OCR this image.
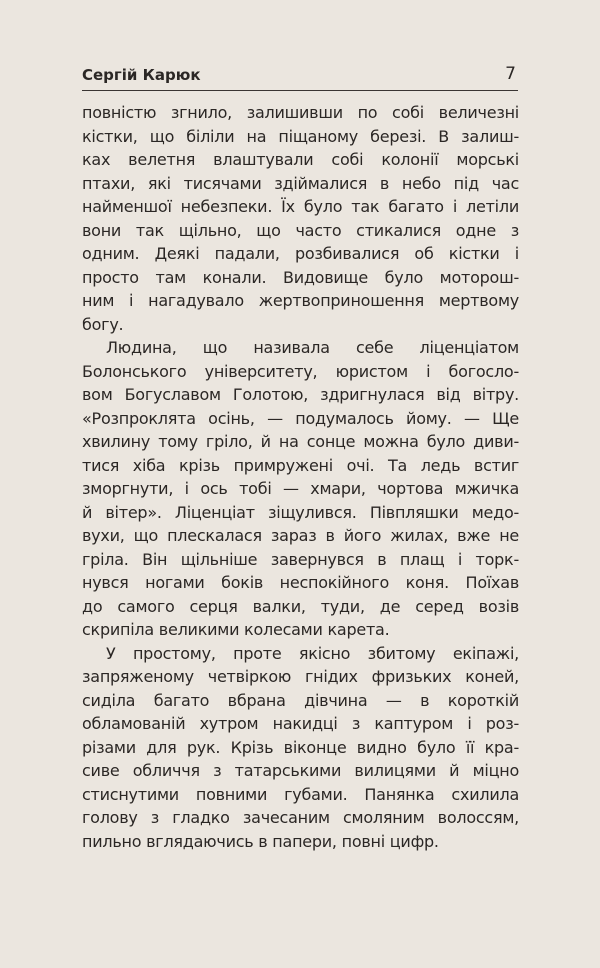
Сергій Карюк	7
повністю згнило, залишивши по собі величезні
кістки, що біліли на піщаному березі. В залиш-
ках велетня влаштували собі колонії морські
птахи, які тисячами здіймалися в небо під час
найменшої небезпеки. Їх було так багато і летіли
вони так щільно, що часто стикалися одне з
одним. Деякі падали, розбивалися об кістки і
просто там конали. Видовище було моторош-
ним і нагадувало жертвоприношення мертвому
богу.
Людина, що називала себе ліценціатом
Болонського університету, юристом і богосло-
вом Богуславом Голотою, здригнулася від вітру.
«Розпроклята осінь, — подумалось йому. — Ще
хвилину тому гріло, й на сонце можна було диви-
тися хіба крізь примружені очі. Та ледь встиг
зморгнути, і ось тобі — хмари, чортова мжичка
й вітер». Ліценціат зіщулився. Півпляшки медо-
вухи, що плескалася зараз в його жилах, вже не
гріла. Він щільніше завернувся в плащ і торк-
нувся ногами боків неспокійного коня. Поїхав
до самого серця валки, туди, де серед возів
скрипіла великими колесами карета.
У простому, проте якісно збитому екіпажі,
запряженому четвіркою гнідих фризьких коней,
сиділа багато вбрана дівчина — в короткій
обламованій хутром накидці з каптуром і роз-
різами для рук. Крізь віконце видно було її кра-
сиве обличчя з татарськими вилицями й міцно
стиснутими повними губами. Панянка схилила
голову з гладко зачесаним смоляним волоссям,
пильно вглядаючись в папери, повні цифр.
